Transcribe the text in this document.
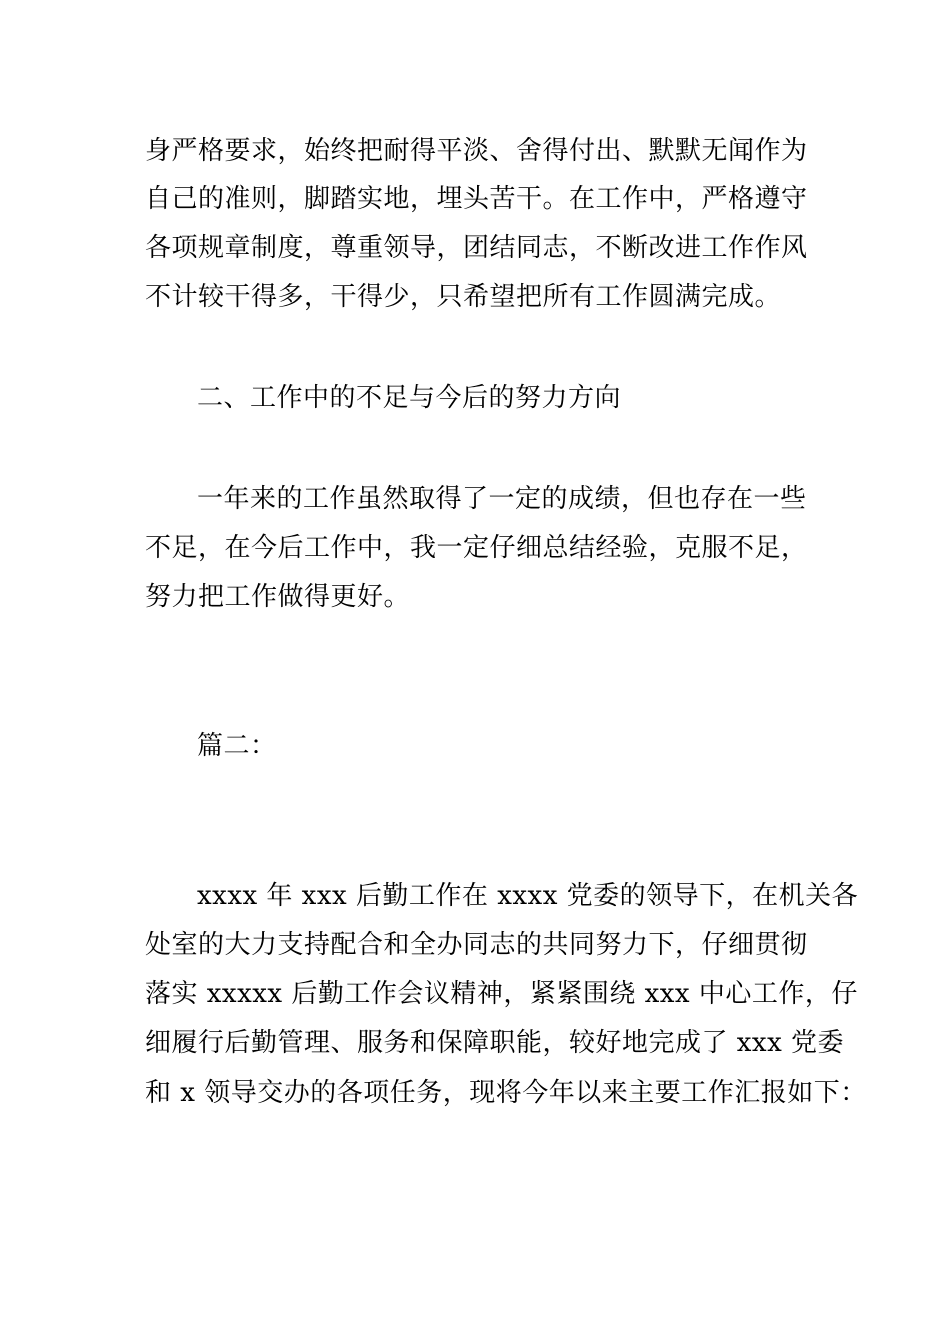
身严格要求，始终把耐得平淡、舍得付出、默默无闻作为
自己的准则，脚踏实地，埋头苦干。在工作中，严格遵守
各项规章制度，尊重领导，团结同志，不断改进工作作风
不计较干得多，干得少，只希望把所有工作圆满完成。
二、工作中的不足与今后的努力方向
一年来的工作虽然取得了一定的成绩，但也存在一些
不足，在今后工作中，我一定仔细总结经验，克服不足，
努力把工作做得更好。
篇二：
xxxx 年 xxx 后勤工作在 xxxx 党委的领导下，在机关各
处室的大力支持配合和全办同志的共同努力下，仔细贯彻
落实 xxxxx 后勤工作会议精神，紧紧围绕 xxx 中心工作，仔
细履行后勤管理、服务和保障职能，较好地完成了 xxx 党委
和 x 领导交办的各项任务，现将今年以来主要工作汇报如下：
